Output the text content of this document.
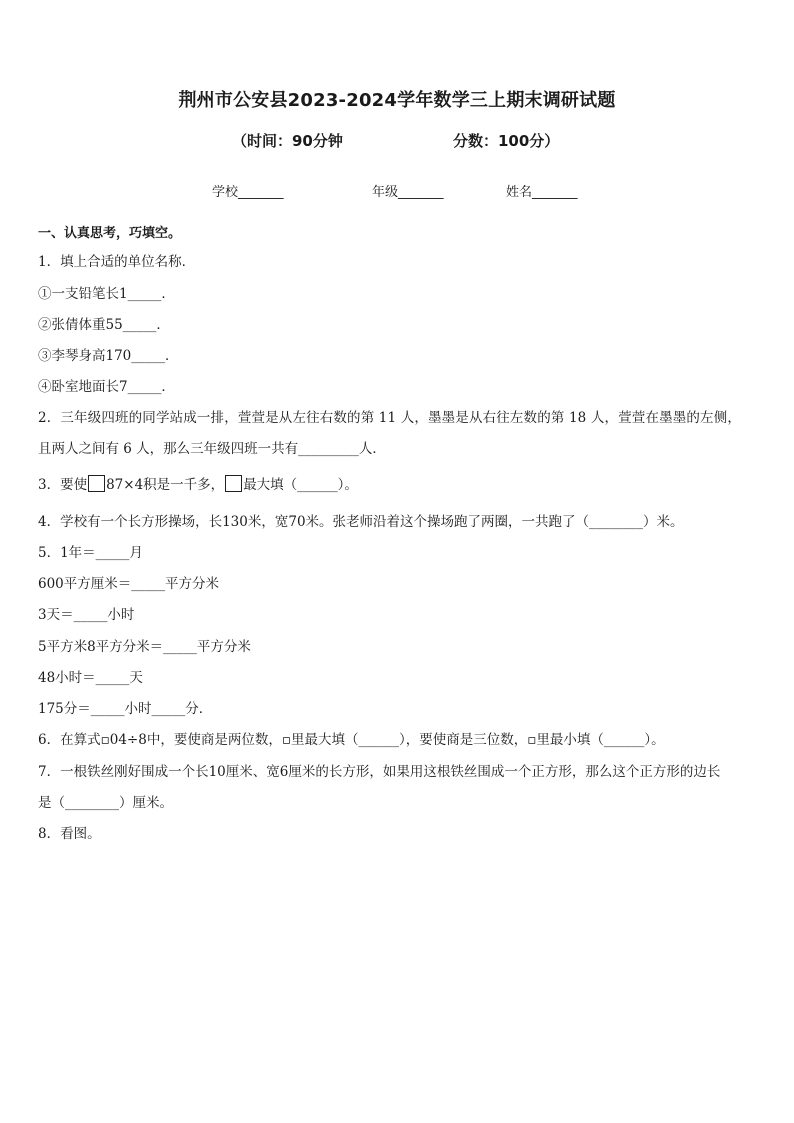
荆州市公安县2023-2024学年数学三上期末调研试题
（时间：90分钟	分数：100分）
学校_______	年级_______	姓名_______
一、认真思考，巧填空。
1．填上合适的单位名称．
①一支铅笔长1_____．
②张倩体重55_____．
③李琴身高170_____．
④卧室地面长7_____．
2．三年级四班的同学站成一排，萱萱是从左往右数的第 11 人，墨墨是从右往左数的第 18 人，萱萱在墨墨的左侧，
且两人之间有 6 人，那么三年级四班一共有_________人．
3．要使 87×4积是一千多， 最大填（______）。
4．学校有一个长方形操场，长130米，宽70米。张老师沿着这个操场跑了两圈，一共跑了（________）米。
5．1年＝_____月
600平方厘米＝_____平方分米
3天＝_____小时
5平方米8平方分米＝_____平方分米
48小时＝_____天
175分＝_____小时_____分．
6．在算式▫04÷8中，要使商是两位数，▫里最大填（______），要使商是三位数，▫里最小填（______）。
7．一根铁丝刚好围成一个长10厘米、宽6厘米的长方形，如果用这根铁丝围成一个正方形，那么这个正方形的边长
是（________）厘米。
8．看图。
